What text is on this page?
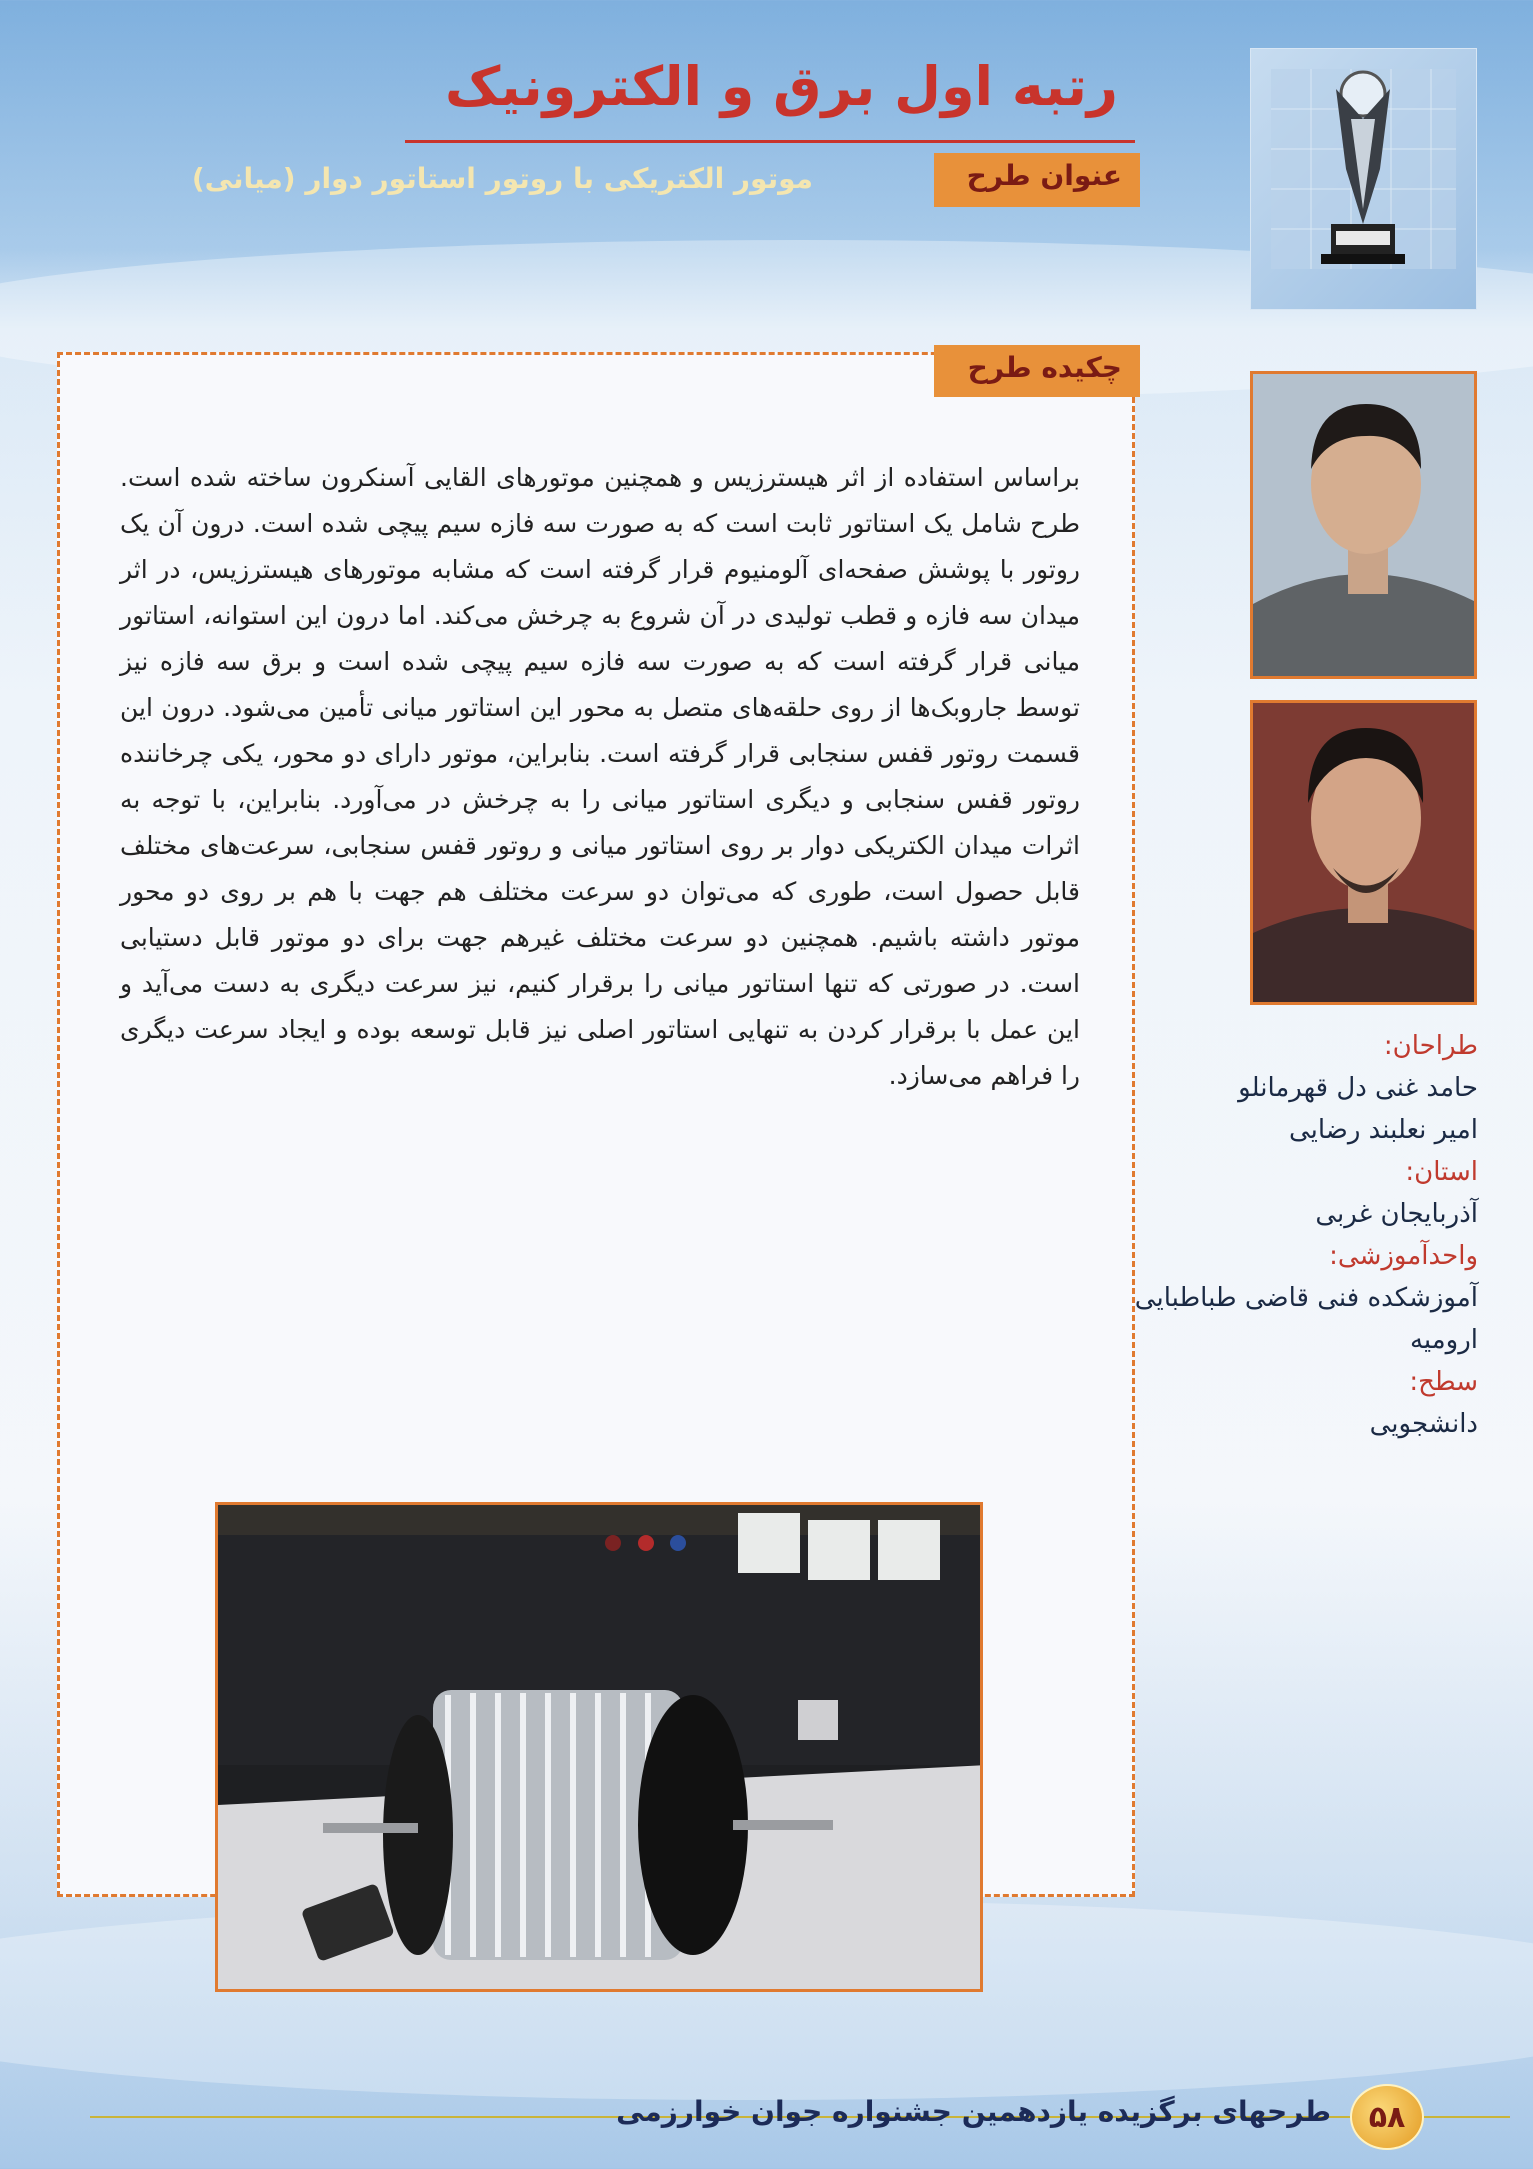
رتبه اول برق و الکترونیک
عنوان طرح
موتور الکتریکی با روتور استاتور دوار (میانی)
چکیده طرح
براساس استفاده از اثر هیسترزیس و همچنین موتورهای القایی آسنکرون ساخته شده است. طرح شامل یک استاتور ثابت است که به صورت سه فازه سیم پیچی شده است. درون آن یک روتور با پوشش صفحه‌ای آلومنیوم قرار گرفته است که مشابه موتورهای هیسترزیس، در اثر میدان سه فازه و قطب تولیدی در آن شروع به چرخش می‌کند. اما درون این استوانه، استاتور میانی قرار گرفته است که به صورت سه فازه سیم پیچی شده است و برق سه فازه نیز توسط جاروبک‌ها از روی حلقه‌های متصل به محور این استاتور میانی تأمین می‌شود. درون این قسمت روتور قفس سنجابی قرار گرفته است. بنابراین، موتور دارای دو محور، یکی چرخاننده روتور قفس سنجابی و دیگری استاتور میانی را به چرخش در می‌آورد. بنابراین، با توجه به اثرات میدان الکتریکی دوار بر روی استاتور میانی و روتور قفس سنجابی، سرعت‌های مختلف قابل حصول است، طوری که می‌توان دو سرعت مختلف هم جهت با هم بر روی دو محور موتور داشته باشیم. همچنین دو سرعت مختلف غیرهم جهت برای دو موتور قابل دستیابی است. در صورتی که تنها استاتور میانی را برقرار کنیم، نیز سرعت دیگری به دست می‌آید و این عمل با برقرار کردن به تنهایی استاتور اصلی نیز قابل توسعه بوده و ایجاد سرعت دیگری را فراهم می‌سازد.
طراحان:
حامد غنی دل قهرمانلو
امیر نعلبند رضایی
استان:
آذربایجان غربی
واحدآموزشی:
آموزشکده فنی قاضی طباطبایی
ارومیه
سطح:
دانشجویی
طرحهای برگزیده یازدهمین جشنواره جوان خوارزمی	۵۸
